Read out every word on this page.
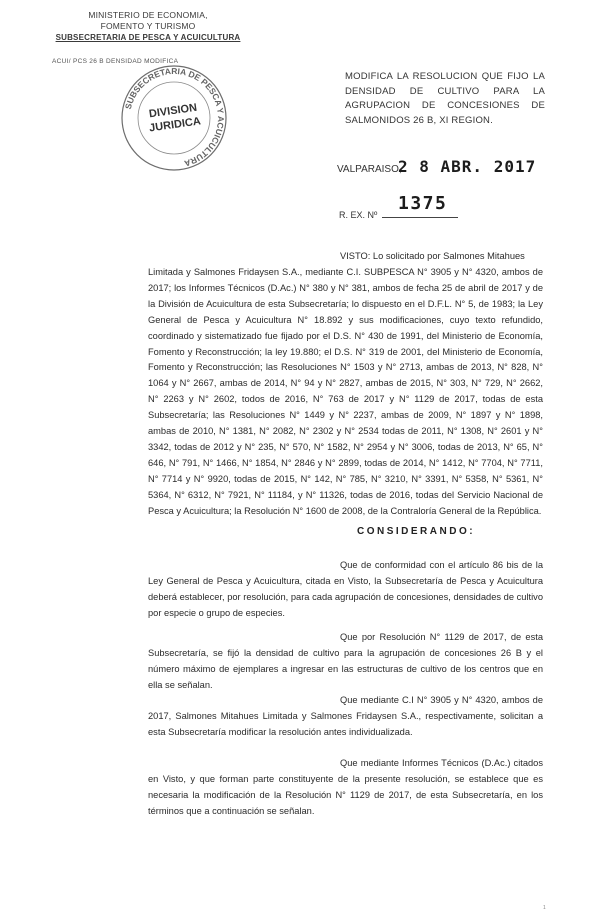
MINISTERIO DE ECONOMIA,
FOMENTO Y TURISMO
SUBSECRETARIA DE PESCA Y ACUICULTURA
ACUI/ PCS 26 B DENSIDAD MODIFICA
SUBSECRETARIA DE PESCA Y ACUICULTURA
DIVISION
JURIDICA
MODIFICA LA RESOLUCION QUE FIJO LA DENSIDAD DE CULTIVO PARA LA AGRUPACION DE CONCESIONES DE SALMONIDOS 26 B, XI REGION.
VALPARAISO,
2 8 ABR. 2017
R. EX. Nº
1375
VISTO: Lo solicitado por Salmones Mitahues
Limitada y Salmones Fridaysen S.A., mediante C.I. SUBPESCA N° 3905 y N° 4320, ambos de 2017; los Informes Técnicos (D.Ac.) N° 380 y N° 381, ambos de fecha 25 de abril de 2017 y de la División de Acuicultura de esta Subsecretaría; lo dispuesto en el D.F.L. N° 5, de 1983; la Ley General de Pesca y Acuicultura N° 18.892 y sus modificaciones, cuyo texto refundido, coordinado y sistematizado fue fijado por el D.S. N° 430 de 1991, del Ministerio de Economía, Fomento y Reconstrucción; la ley 19.880; el D.S. N° 319 de 2001, del Ministerio de Economía, Fomento y Reconstrucción; las Resoluciones N° 1503 y N° 2713, ambas de 2013, N° 828, N° 1064 y N° 2667, ambas de 2014, N° 94 y N° 2827, ambas de 2015, N° 303, N° 729, N° 2662, N° 2263 y N° 2602, todos de 2016, N° 763 de 2017 y N° 1129 de 2017, todas de esta Subsecretaría; las Resoluciones N° 1449 y N° 2237, ambas de 2009, N° 1897 y N° 1898, ambas de 2010, N° 1381, N° 2082, N° 2302 y N° 2534 todas de 2011, N° 1308, N° 2601 y N° 3342, todas de 2012 y N° 235, N° 570, N° 1582, N° 2954 y N° 3006, todas de 2013, N° 65, N° 646, N° 791, N° 1466, N° 1854, N° 2846 y N° 2899, todas de 2014, N° 1412, N° 7704, N° 7711, N° 7714 y N° 9920, todas de 2015, N° 142, N° 785, N° 3210, N° 3391, N° 5358, N° 5361, N° 5364, N° 6312, N° 7921, N° 11184, y N° 11326, todas de 2016, todas del Servicio Nacional de Pesca y Acuicultura; la Resolución N° 1600 de 2008, de la Contraloría General de la República.
CONSIDERANDO:
Que de conformidad con el artículo 86 bis de la Ley General de Pesca y Acuicultura, citada en Visto, la Subsecretaría de Pesca y Acuicultura deberá establecer, por resolución, para cada agrupación de concesiones, densidades de cultivo por especie o grupo de especies.
Que por Resolución N° 1129 de 2017, de esta Subsecretaría, se fijó la densidad de cultivo para la agrupación de concesiones 26 B y el número máximo de ejemplares a ingresar en las estructuras de cultivo de los centros que en ella se señalan.
Que mediante C.I N° 3905 y N° 4320, ambos de 2017, Salmones Mitahues Limitada y Salmones Fridaysen S.A., respectivamente, solicitan a esta Subsecretaría modificar la resolución antes individualizada.
Que mediante Informes Técnicos (D.Ac.) citados en Visto, y que forman parte constituyente de la presente resolución, se establece que es necesaria la modificación de la Resolución N° 1129 de 2017, de esta Subsecretaría, en los términos que a continuación se señalan.
1
